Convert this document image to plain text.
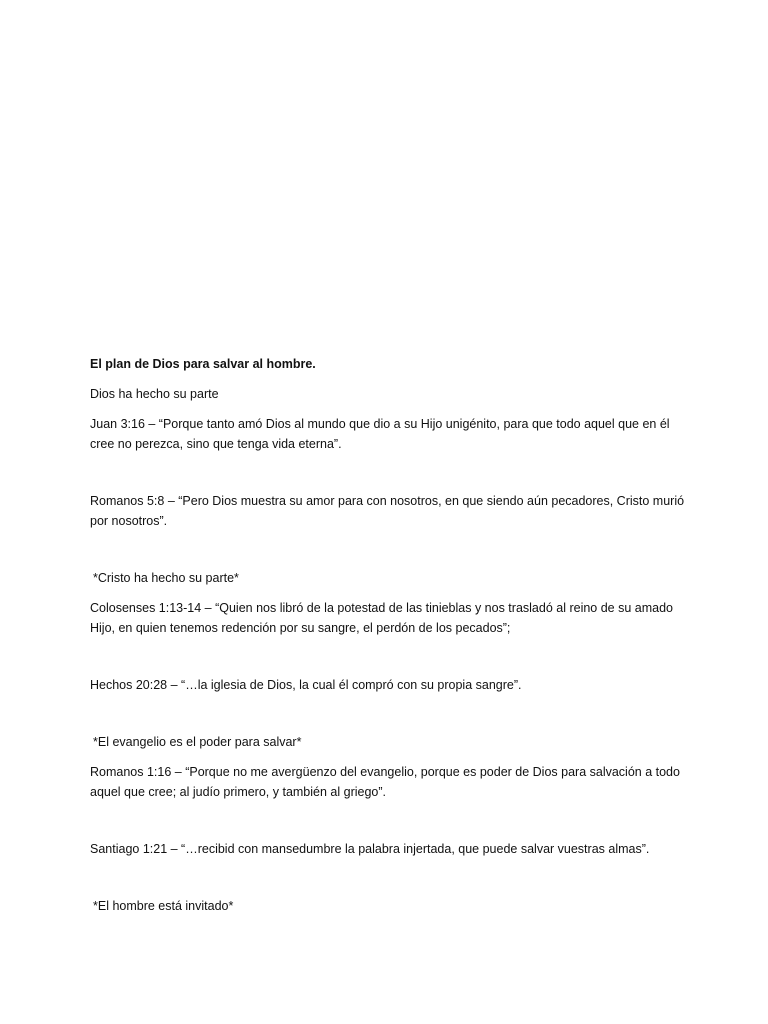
El plan de Dios para salvar al hombre.

Dios ha hecho su parte

Juan 3:16 – “Porque tanto amó Dios al mundo que dio a su Hijo unigénito, para que todo aquel que en él cree no perezca, sino que tenga vida eterna”.

Romanos 5:8 – “Pero Dios muestra su amor para con nosotros, en que siendo aún pecadores, Cristo murió por nosotros”.

*Cristo ha hecho su parte*

Colosenses 1:13-14 – “Quien nos libró de la potestad de las tinieblas y nos trasladó al reino de su amado Hijo, en quien tenemos redención por su sangre, el perdón de los pecados”;

Hechos 20:28 – “…la iglesia de Dios, la cual él compró con su propia sangre”.

*El evangelio es el poder para salvar*

Romanos 1:16 – “Porque no me avergüenzo del evangelio, porque es poder de Dios para salvación a todo aquel que cree; al judío primero, y también al griego”.

Santiago 1:21 – “…recibid con mansedumbre la palabra injertada, que puede salvar vuestras almas”.

*El hombre está invitado*
